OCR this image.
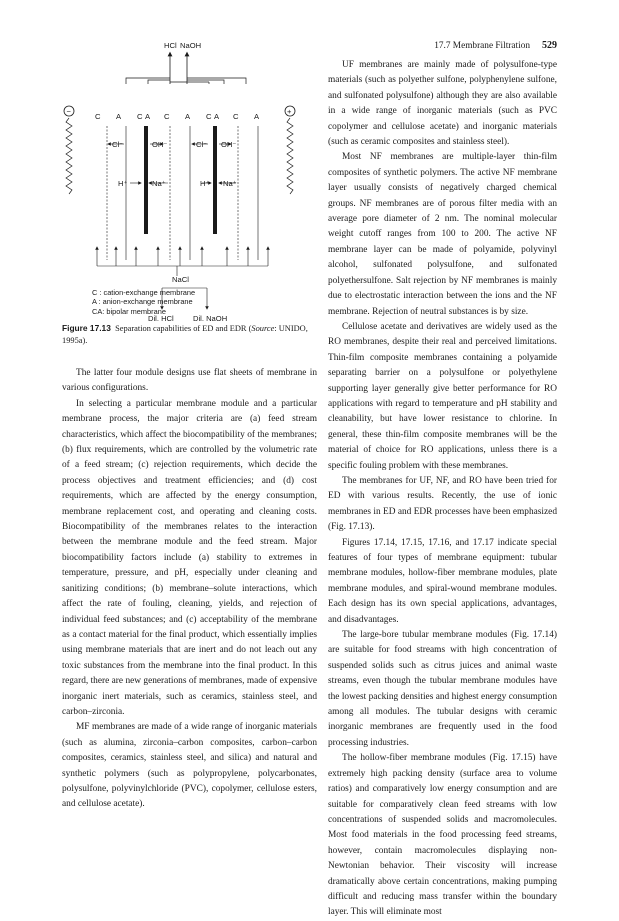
17.7 Membrane Filtration 529
HCl NaOH
−	+
C A C A C A C A C A
Cl⁻	OH⁻	Cl⁻ OH⁻
H⁺	Na⁺	H⁺ Na⁺
NaCl
Dil. HCl	Dil. NaOH
C : cation-exchange membrane
A : anion-exchange membrane
CA: bipolar membrane
Figure 17.13 Separation capabilities of ED and EDR (Source: UNIDO, 1995a).

The latter four module designs use flat sheets of membrane in various configurations.

In selecting a particular membrane module and a particular membrane process, the major criteria are (a) feed stream characteristics, which affect the biocompatibility of the membranes; (b) flux requirements, which are controlled by the volumetric rate of a feed stream; (c) rejection requirements, which decide the process objectives and treatment efficiencies; and (d) cost requirements, which are affected by the energy consumption, membrane replacement cost, and operating and cleaning costs. Biocompatibility of the membranes relates to the interaction between the membrane module and the feed stream. Major biocompatibility factors include (a) stability to extremes in temperature, pressure, and pH, especially under cleaning and sanitizing conditions; (b) membrane–solute interactions, which affect the rate of fouling, cleaning, yields, and rejection of individual feed substances; and (c) acceptability of the membrane as a contact material for the final product, which essentially implies using membrane materials that are inert and do not leach out any toxic substances from the membrane into the final product. In this regard, there are new generations of membranes, made of expensive inorganic inert materials, such as ceramics, stainless steel, and carbon–zirconia.

MF membranes are made of a wide range of inorganic materials (such as alumina, zirconia–carbon composites, carbon–carbon composites, ceramics, stainless steel, and silica) and natural and synthetic polymers (such as polypropylene, polycarbonates, polysulfone, polyvinylchloride (PVC), copolymer, cellulose esters, and cellulose acetate).

UF membranes are mainly made of polysulfone-type materials (such as polyether sulfone, polyphenylene sulfone, and sulfonated polysulfone) although they are also available in a wide range of inorganic materials (such as PVC copolymer and cellulose acetate) and inorganic materials (such as ceramic composites and stainless steel).

Most NF membranes are multiple-layer thin-film composites of synthetic polymers. The active NF membrane layer usually consists of negatively charged chemical groups. NF membranes are of porous filter media with an average pore diameter of 2 nm. The nominal molecular weight cutoff ranges from 100 to 200. The active NF membrane layer can be made of polyamide, polyvinyl alcohol, sulfonated polysulfone, and sulfonated polyethersulfone. Salt rejection by NF membranes is mainly due to electrostatic interaction between the ions and the NF membrane. Rejection of neutral substances is by size.

Cellulose acetate and derivatives are widely used as the RO membranes, despite their real and perceived limitations. Thin-film composite membranes containing a polyamide separating barrier on a polysulfone or polyethylene supporting layer generally give better performance for RO applications with regard to temperature and pH stability and cleanability, but have lower resistance to chlorine. In general, these thin-film composite membranes will be the material of choice for RO applications, unless there is a specific fouling problem with these membranes.

The membranes for UF, NF, and RO have been tried for ED with various results. Recently, the use of ionic membranes in ED and EDR processes have been emphasized (Fig. 17.13).

Figures 17.14, 17.15, 17.16, and 17.17 indicate special features of four types of membrane equipment: tubular membrane modules, hollow-fiber membrane modules, plate membrane modules, and spiral-wound membrane modules. Each design has its own special applications, advantages, and disadvantages.

The large-bore tubular membrane modules (Fig. 17.14) are suitable for food streams with high concentration of suspended solids such as citrus juices and animal waste streams, even though the tubular membrane modules have the lowest packing densities and highest energy consumption among all modules. The tubular designs with ceramic inorganic membranes are frequently used in the food processing industries.

The hollow-fiber membrane modules (Fig. 17.15) have extremely high packing density (surface area to volume ratios) and comparatively low energy consumption and are suitable for comparatively clean feed streams with low concentrations of suspended solids and macromolecules. Most food materials in the food processing feed streams, however, contain macromolecules displaying non-Newtonian behavior. Their viscosity will increase dramatically above certain concentrations, making pumping difficult and reducing mass transfer within the boundary layer. This will eliminate most
